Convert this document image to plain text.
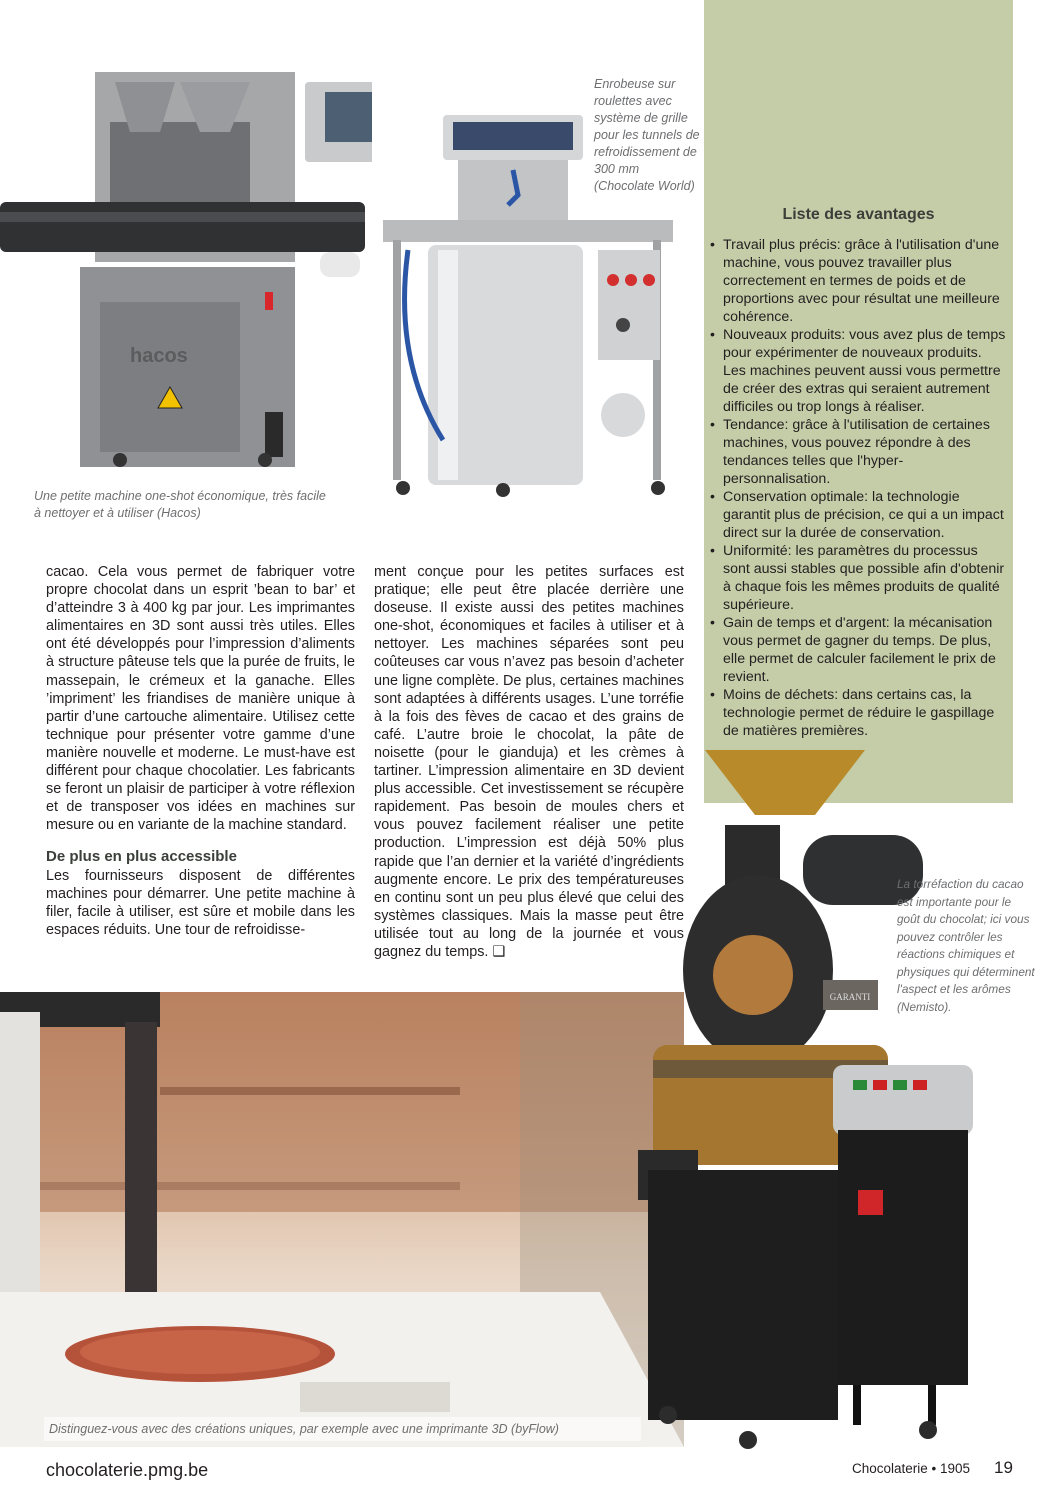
Liste des avantages
• Travail plus précis: grâce à l'utilisation d'une machine, vous pouvez travailler plus correctement en termes de poids et de proportions avec pour résultat une meilleure cohérence.
• Nouveaux produits: vous avez plus de temps pour expérimenter de nouveaux produits. Les machines peuvent aussi vous permettre de créer des extras qui seraient autrement difficiles ou trop longs à réaliser.
• Tendance: grâce à l'utilisation de certaines machines, vous pouvez répondre à des tendances telles que l'hyper-personnalisation.
• Conservation optimale: la technologie garantit plus de précision, ce qui a un impact direct sur la durée de conservation.
• Uniformité: les paramètres du processus sont aussi stables que possible afin d'obtenir à chaque fois les mêmes produits de qualité supérieure.
• Gain de temps et d'argent: la mécanisation vous permet de gagner du temps. De plus, elle permet de calculer facilement le prix de revient.
• Moins de déchets: dans certains cas, la technologie permet de réduire le gaspillage de matières premières.
hacos
Une petite machine one-shot économique, très facile à nettoyer et à utiliser (Hacos)
Enrobeuse sur roulettes avec système de grille pour les tunnels de refroidissement de 300 mm (Chocolate World)

cacao. Cela vous permet de fabriquer votre propre chocolat dans un esprit ’bean to bar’ et d’atteindre 3 à 400 kg par jour. Les imprimantes alimentaires en 3D sont aussi très utiles. Elles ont été développés pour l’impression d’aliments à structure pâteuse tels que la purée de fruits, le massepain, le crémeux et la ganache. Elles ’impriment’ les friandises de manière unique à partir d’une cartouche alimentaire. Utilisez cette technique pour présenter votre gamme d’une manière nouvelle et moderne. Le must-have est différent pour chaque chocolatier. Les fabricants se feront un plaisir de participer à votre réflexion et de transposer vos idées en machines sur mesure ou en variante de la machine standard.

De plus en plus accessible

Les fournisseurs disposent de différentes machines pour démarrer. Une petite machine à filer, facile à utiliser, est sûre et mobile dans les espaces réduits. Une tour de refroidisse-

ment conçue pour les petites surfaces est pratique; elle peut être placée derrière une doseuse. Il existe aussi des petites machines one-shot, économiques et faciles à utiliser et à nettoyer. Les machines séparées sont peu coûteuses car vous n’avez pas besoin d’acheter une ligne complète. De plus, certaines machines sont adaptées à différents usages. L’une torréfie à la fois des fèves de cacao et des grains de café. L’autre broie le chocolat, la pâte de noisette (pour le gianduja) et les crèmes à tartiner. L’impression alimentaire en 3D devient plus accessible. Cet investissement se récupère rapidement. Pas besoin de moules chers et vous pouvez facilement réaliser une petite production. L’impression est déjà 50% plus rapide que l’an dernier et la variété d’ingrédients augmente encore. Le prix des températureuses en continu sont un peu plus élevé que celui des systèmes classiques. Mais la masse peut être utilisée tout au long de la journée et vous gagnez du temps. ❑

GARANTI
La torréfaction du cacao est importante pour le goût du chocolat; ici vous pouvez contrôler les réactions chimiques et physiques qui déterminent l'aspect et les arômes (Nemisto).
Distinguez-vous avec des créations uniques, par exemple avec une imprimante 3D (byFlow)
chocolaterie.pmg.be	Chocolaterie • 1905 19
